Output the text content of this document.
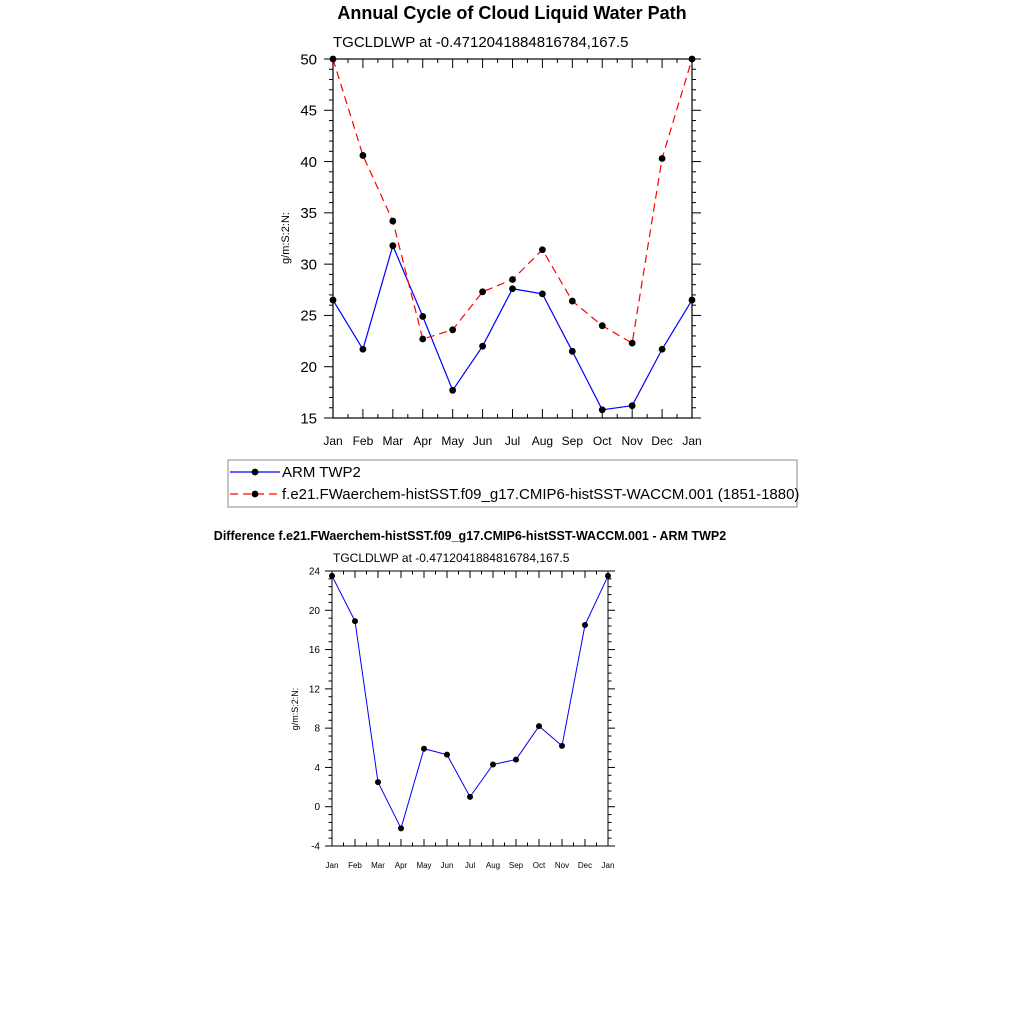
Annual Cycle of Cloud Liquid Water Path
TGCLDLWP at -0.4712041884816784,167.5
g/m:S:2:N:
15
20
25
30
35
40
45
50
Jan Feb Mar Apr May Jun Jul Aug Sep Oct Nov Dec Jan
ARM TWP2
f.e21.FWaerchem-histSST.f09_g17.CMIP6-histSST-WACCM.001 (1851-1880)
Difference f.e21.FWaerchem-histSST.f09_g17.CMIP6-histSST-WACCM.001 - ARM TWP2
TGCLDLWP at -0.4712041884816784,167.5
g/m:S:2:N:
-4
0
4
8
12
16
20
24
Jan Feb Mar Apr May Jun Jul Aug Sep Oct Nov Dec Jan
